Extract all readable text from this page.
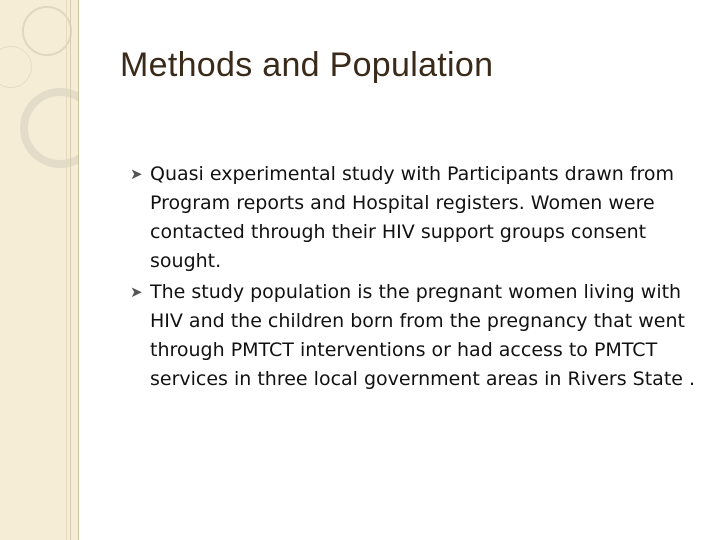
Methods and Population
➤ Quasi experimental study with Participants drawn from Program reports and Hospital registers. Women were contacted through their HIV support groups consent sought.
➤ The study population is the pregnant women living with HIV and the children born from the pregnancy that went through PMTCT interventions or had access to PMTCT services in three local government areas in Rivers State .
